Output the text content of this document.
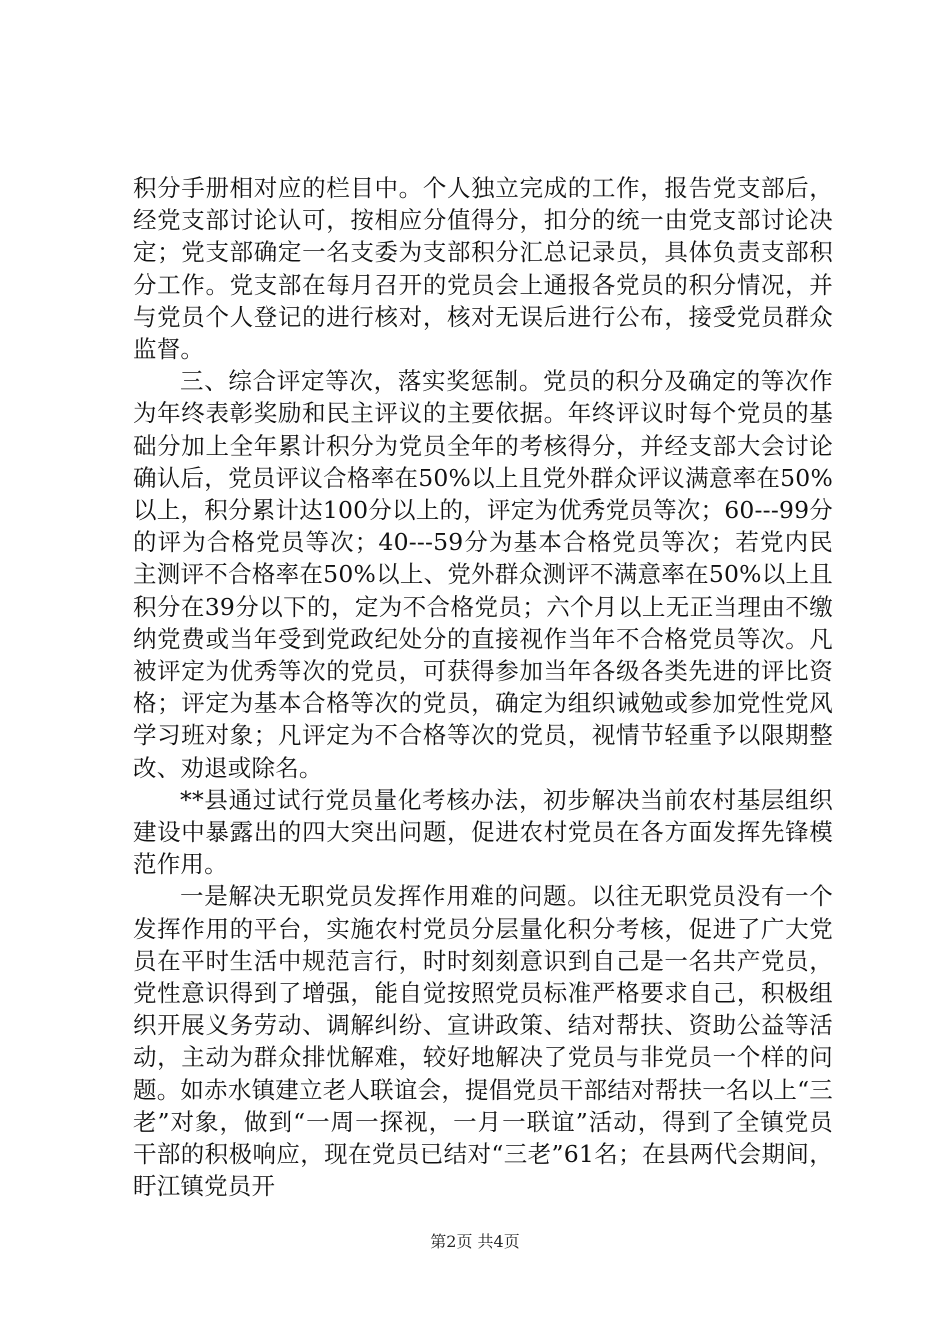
积分手册相对应的栏目中。个人独立完成的工作，报告党支部后，经党支部讨论认可，按相应分值得分，扣分的统一由党支部讨论决定；党支部确定一名支委为支部积分汇总记录员，具体负责支部积分工作。党支部在每月召开的党员会上通报各党员的积分情况，并与党员个人登记的进行核对，核对无误后进行公布，接受党员群众监督。

三、综合评定等次，落实奖惩制。党员的积分及确定的等次作为年终表彰奖励和民主评议的主要依据。年终评议时每个党员的基础分加上全年累计积分为党员全年的考核得分，并经支部大会讨论确认后，党员评议合格率在50%以上且党外群众评议满意率在50%以上，积分累计达100分以上的，评定为优秀党员等次；60---99分的评为合格党员等次；40---59分为基本合格党员等次；若党内民主测评不合格率在50%以上、党外群众测评不满意率在50%以上且积分在39分以下的，定为不合格党员；六个月以上无正当理由不缴纳党费或当年受到党政纪处分的直接视作当年不合格党员等次。凡被评定为优秀等次的党员，可获得参加当年各级各类先进的评比资格；评定为基本合格等次的党员，确定为组织诫勉或参加党性党风学习班对象；凡评定为不合格等次的党员，视情节轻重予以限期整改、劝退或除名。

**县通过试行党员量化考核办法，初步解决当前农村基层组织建设中暴露出的四大突出问题，促进农村党员在各方面发挥先锋模范作用。

一是解决无职党员发挥作用难的问题。以往无职党员没有一个发挥作用的平台，实施农村党员分层量化积分考核，促进了广大党员在平时生活中规范言行，时时刻刻意识到自己是一名共产党员，党性意识得到了增强，能自觉按照党员标准严格要求自己，积极组织开展义务劳动、调解纠纷、宣讲政策、结对帮扶、资助公益等活动，主动为群众排忧解难，较好地解决了党员与非党员一个样的问题。如赤水镇建立老人联谊会，提倡党员干部结对帮扶一名以上“三老”对象，做到“一周一探视，一月一联谊”活动，得到了全镇党员干部的积极响应，现在党员已结对“三老”61名；在县两代会期间，盱江镇党员开

第2页 共4页
